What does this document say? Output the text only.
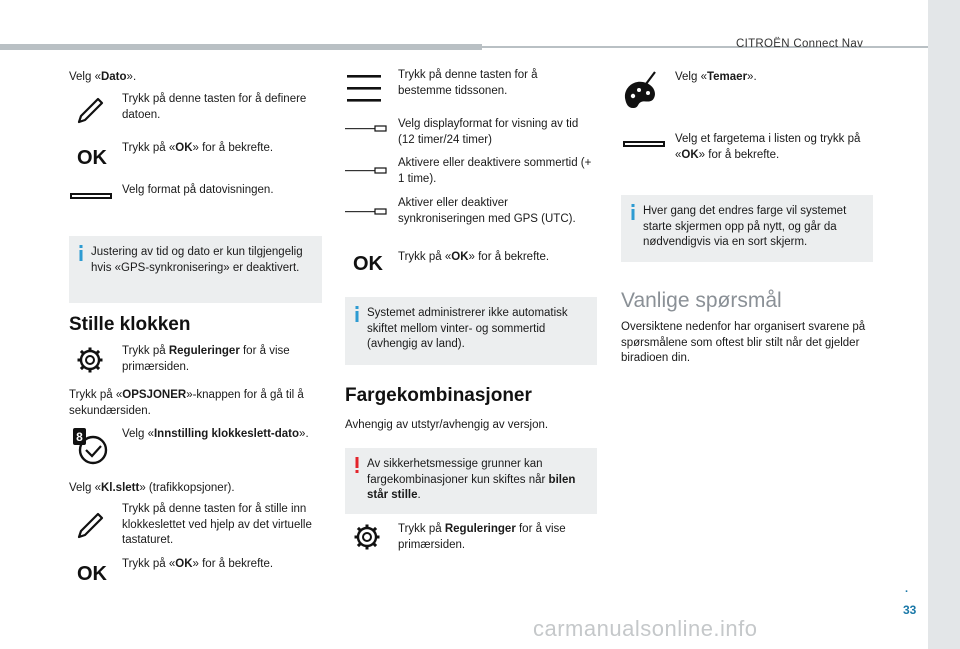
CITROËN Connect Nav
Velg «Dato».
Trykk på denne tasten for å definere datoen.
OK Trykk på «OK» for å bekrefte.
Velg format på datovisningen.
Justering av tid og dato er kun tilgjengelig hvis «GPS-synkronisering» er deaktivert.
Stille klokken
Trykk på Reguleringer for å vise primærsiden.
Trykk på «OPSJONER»-knappen for å gå til å sekundærsiden.
8	Velg «Innstilling klokkeslett-dato».
Velg «Kl.slett» (trafikkopsjoner).
Trykk på denne tasten for å stille inn klokkeslettet ved hjelp av det virtuelle tastaturet.
OK Trykk på «OK» for å bekrefte.
Trykk på denne tasten for å bestemme tidssonen.
Velg displayformat for visning av tid (12 timer/24 timer)
Aktivere eller deaktivere sommertid (+ 1 time).
Aktiver eller deaktiver synkroniseringen med GPS (UTC).
OK Trykk på «OK» for å bekrefte.
Systemet administrerer ikke automatisk skiftet mellom vinter- og sommertid (avhengig av land).
Fargekombinasjoner
Avhengig av utstyr/avhengig av versjon.
Av sikkerhetsmessige grunner kan fargekombinasjoner kun skiftes når bilen står stille.
Trykk på Reguleringer for å vise primærsiden.
Velg «Temaer».
Velg et fargetema i listen og trykk på «OK» for å bekrefte.
Hver gang det endres farge vil systemet starte skjermen opp på nytt, og går da nødvendigvis via en sort skjerm.
Vanlige spørsmål
Oversiktene nedenfor har organisert svarene på spørsmålene som oftest blir stilt når det gjelder biradioen din.
.
33
carmanualsonline.info
